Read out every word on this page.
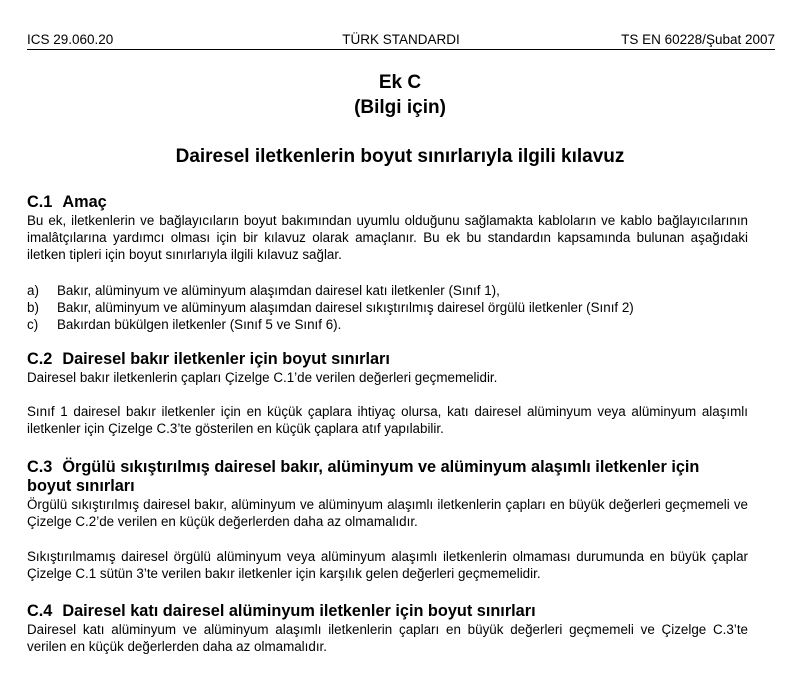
ICS 29.060.20	TÜRK STANDARDI	TS EN 60228/Şubat 2007
Ek C
(Bilgi için)
Dairesel iletkenlerin boyut sınırlarıyla ilgili kılavuz
C.1 Amaç

Bu ek, iletkenlerin ve bağlayıcıların boyut bakımından uyumlu olduğunu sağlamakta kabloların ve kablo bağlayıcılarının imalâtçılarına yardımcı olması için bir kılavuz olarak amaçlanır. Bu ek bu standardın kapsamında bulunan aşağıdaki iletken tipleri için boyut sınırlarıyla ilgili kılavuz sağlar.

a) Bakır, alüminyum ve alüminyum alaşımdan dairesel katı iletkenler (Sınıf 1),
b) Bakır, alüminyum ve alüminyum alaşımdan dairesel sıkıştırılmış dairesel örgülü iletkenler (Sınıf 2)
c) Bakırdan bükülgen iletkenler (Sınıf 5 ve Sınıf 6).
C.2 Dairesel bakır iletkenler için boyut sınırları

Dairesel bakır iletkenlerin çapları Çizelge C.1’de verilen değerleri geçmemelidir.

Sınıf 1 dairesel bakır iletkenler için en küçük çaplara ihtiyaç olursa, katı dairesel alüminyum veya alüminyum alaşımlı iletkenler için Çizelge C.3’te gösterilen en küçük çaplara atıf yapılabilir.

C.3 Örgülü sıkıştırılmış dairesel bakır, alüminyum ve alüminyum alaşımlı iletkenler için boyut sınırları

Örgülü sıkıştırılmış dairesel bakır, alüminyum ve alüminyum alaşımlı iletkenlerin çapları en büyük değerleri geçmemeli ve Çizelge C.2’de verilen en küçük değerlerden daha az olmamalıdır.

Sıkıştırılmamış dairesel örgülü alüminyum veya alüminyum alaşımlı iletkenlerin olmaması durumunda en büyük çaplar Çizelge C.1 sütün 3’te verilen bakır iletkenler için karşılık gelen değerleri geçmemelidir.

C.4 Dairesel katı dairesel alüminyum iletkenler için boyut sınırları

Dairesel katı alüminyum ve alüminyum alaşımlı iletkenlerin çapları en büyük değerleri geçmemeli ve Çizelge C.3’te verilen en küçük değerlerden daha az olmamalıdır.
